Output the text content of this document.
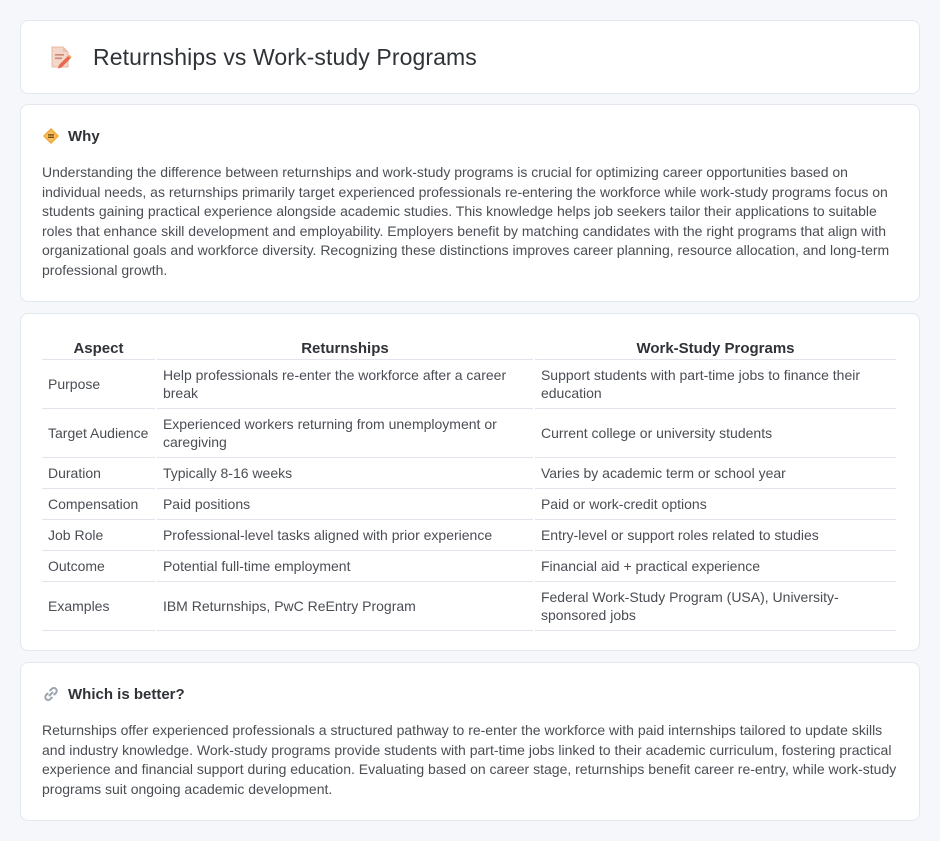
Returnships vs Work-study Programs
Why

Understanding the difference between returnships and work-study programs is crucial for optimizing career opportunities based on individual needs, as returnships primarily target experienced professionals re-entering the workforce while work-study programs focus on students gaining practical experience alongside academic studies. This knowledge helps job seekers tailor their applications to suitable roles that enhance skill development and employability. Employers benefit by matching candidates with the right programs that align with organizational goals and workforce diversity. Recognizing these distinctions improves career planning, resource allocation, and long-term professional growth.

Aspect	Returnships	Work-Study Programs
Purpose	Help professionals re-enter the workforce after a career break	Support students with part-time jobs to finance their education
Target Audience	Experienced workers returning from unemployment or caregiving	Current college or university students
Duration	Typically 8-16 weeks	Varies by academic term or school year
Compensation	Paid positions	Paid or work-credit options
Job Role	Professional-level tasks aligned with prior experience	Entry-level or support roles related to studies
Outcome	Potential full-time employment	Financial aid + practical experience
Examples	IBM Returnships, PwC ReEntry Program	Federal Work-Study Program (USA), University-sponsored jobs
Which is better?

Returnships offer experienced professionals a structured pathway to re-enter the workforce with paid internships tailored to update skills and industry knowledge. Work-study programs provide students with part-time jobs linked to their academic curriculum, fostering practical experience and financial support during education. Evaluating based on career stage, returnships benefit career re-entry, while work-study programs suit ongoing academic development.
